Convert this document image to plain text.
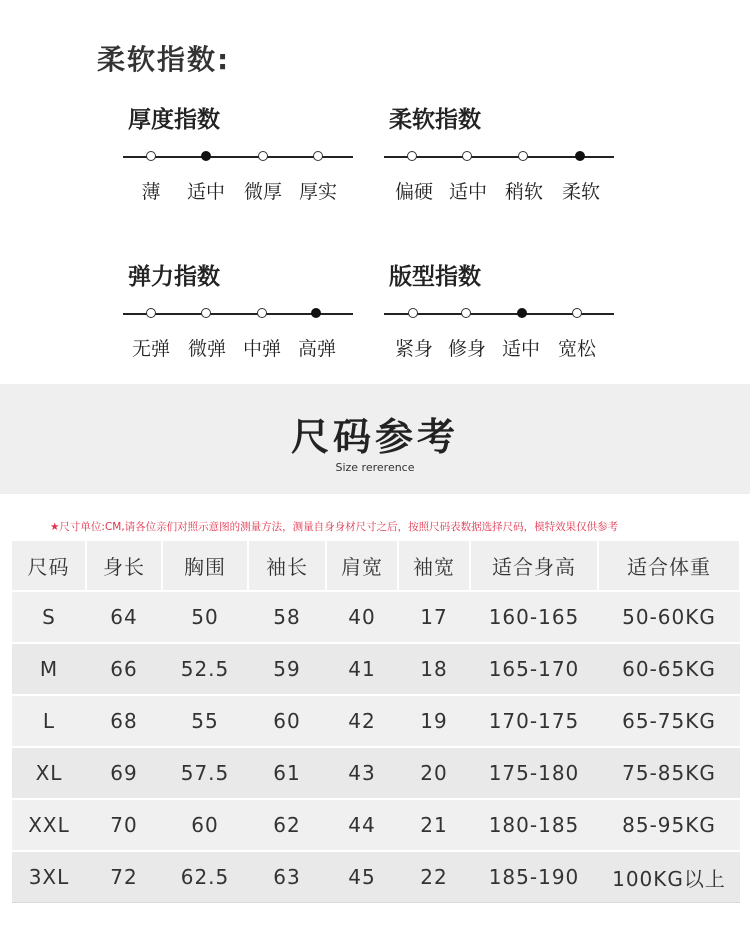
柔软指数:
厚度指数
薄 适中 微厚 厚实
柔软指数
偏硬 适中 稍软 柔软
弹力指数
无弹 微弹 中弹 高弹
版型指数
紧身 修身 适中 宽松
尺码参考
Size rererence
★尺寸单位:CM,请各位亲们对照示意图的测量方法，测量自身身材尺寸之后，按照尺码表数据选择尺码，模特效果仅供参考
尺码	身长	胸围	袖长	肩宽	袖宽	适合身高	适合体重
S	64	50	58	40	17	160-165	50-60KG
M	66	52.5	59	41	18	165-170	60-65KG
L	68	55	60	42	19	170-175	65-75KG
XL	69	57.5	61	43	20	175-180	75-85KG
XXL	70	60	62	44	21	180-185	85-95KG
3XL	72	62.5	63	45	22	185-190	100KG以上
